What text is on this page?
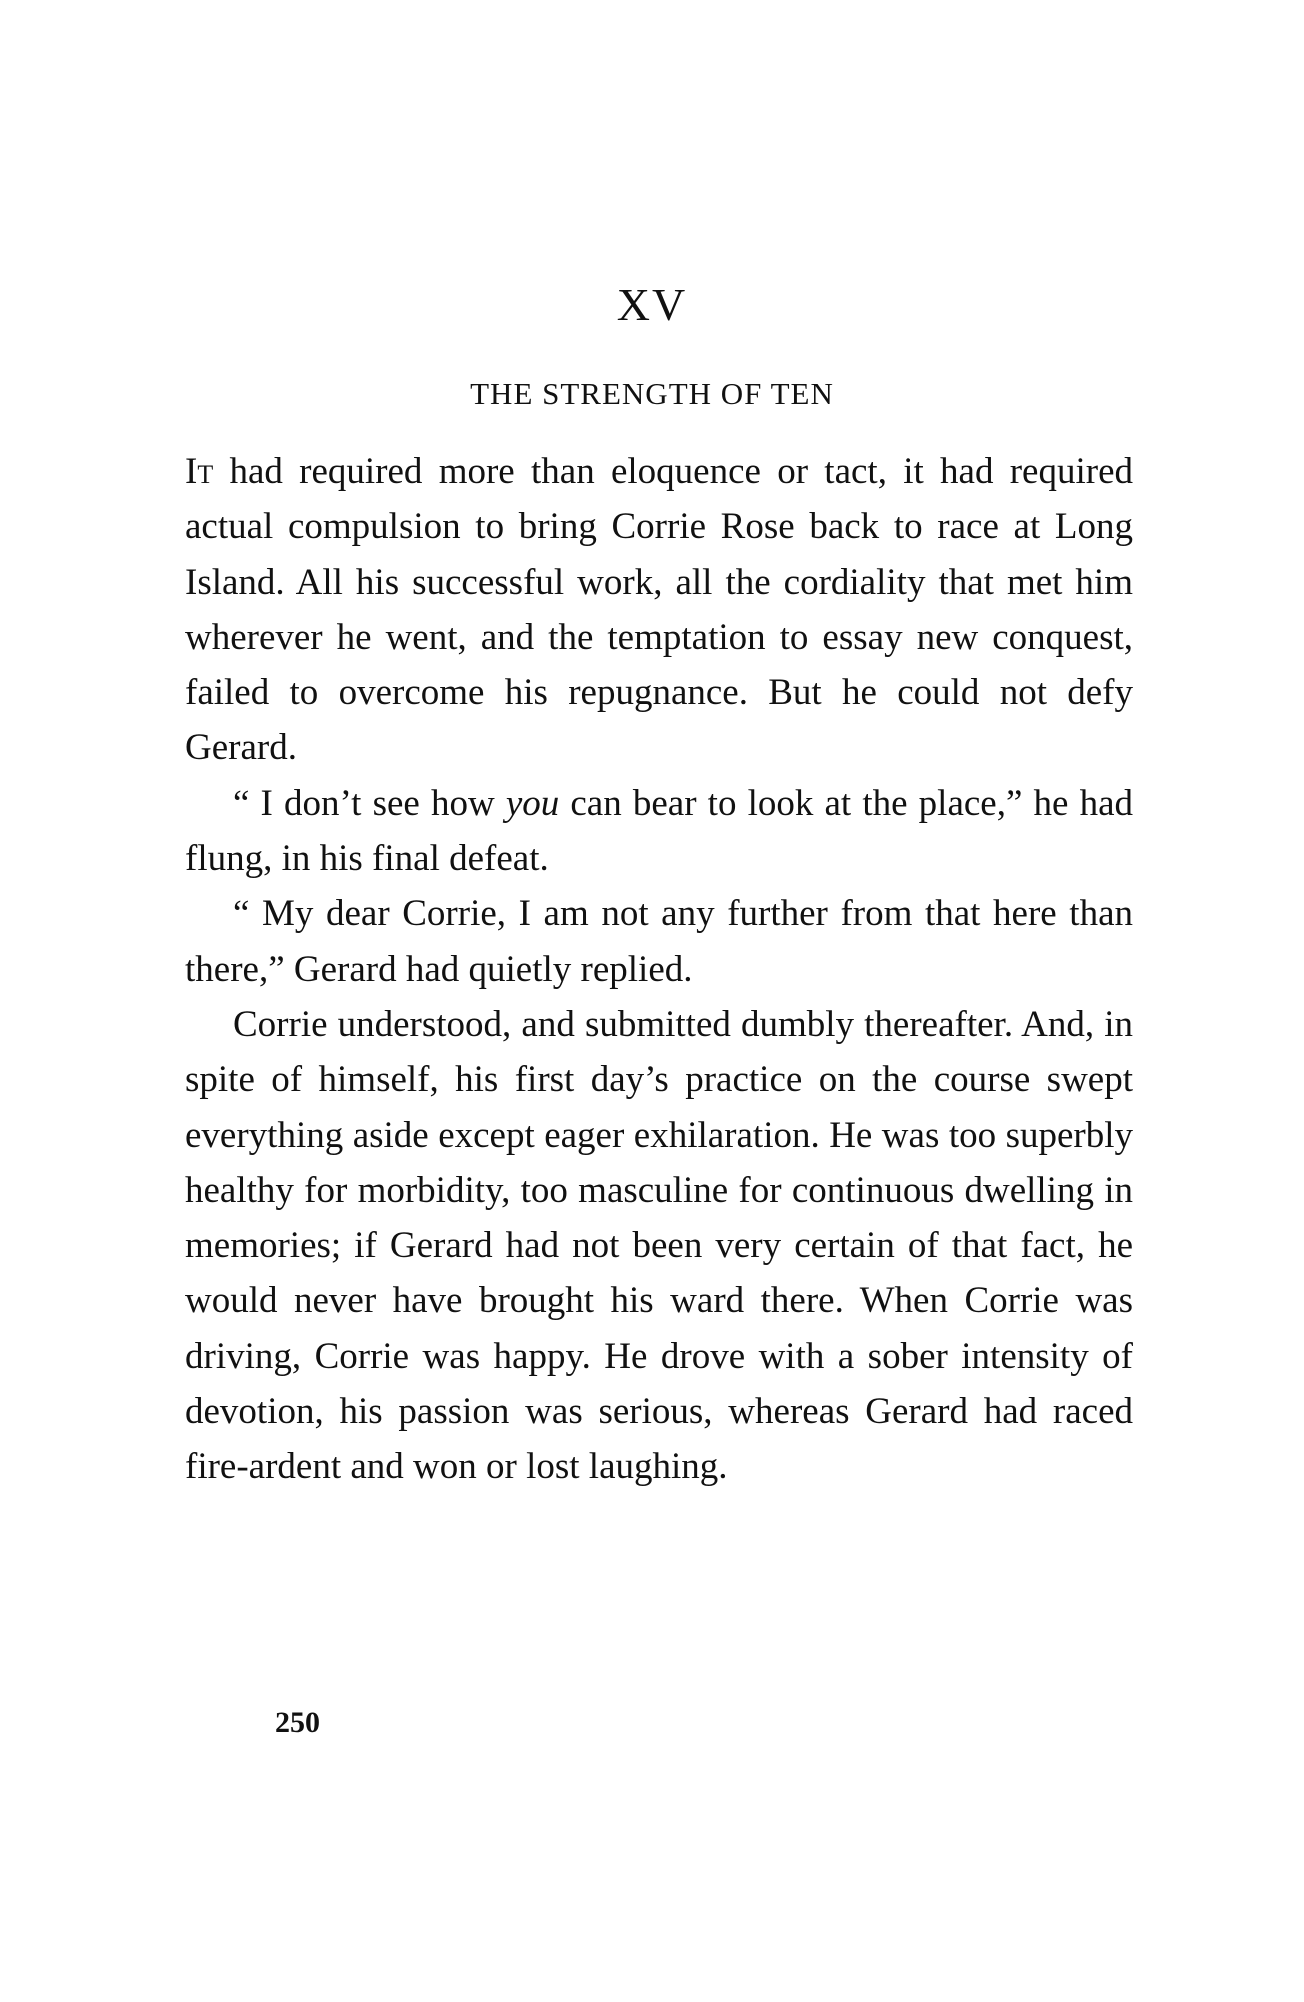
XV
THE STRENGTH OF TEN

It had required more than eloquence or tact, it had required actual compulsion to bring Corrie Rose back to race at Long Island. All his successful work, all the cordiality that met him wherever he went, and the temptation to essay new conquest, failed to overcome his repugnance. But he could not defy Gerard.

“ I don’t see how you can bear to look at the place,” he had flung, in his final defeat.

“ My dear Corrie, I am not any further from that here than there,” Gerard had quietly replied.

Corrie understood, and submitted dumbly thereafter. And, in spite of himself, his first day’s practice on the course swept everything aside except eager exhilaration. He was too superbly healthy for morbidity, too masculine for continuous dwelling in memories; if Gerard had not been very certain of that fact, he would never have brought his ward there. When Corrie was driving, Corrie was happy. He drove with a sober intensity of devotion, his passion was serious, whereas Gerard had raced fire-ardent and won or lost laughing.

250
